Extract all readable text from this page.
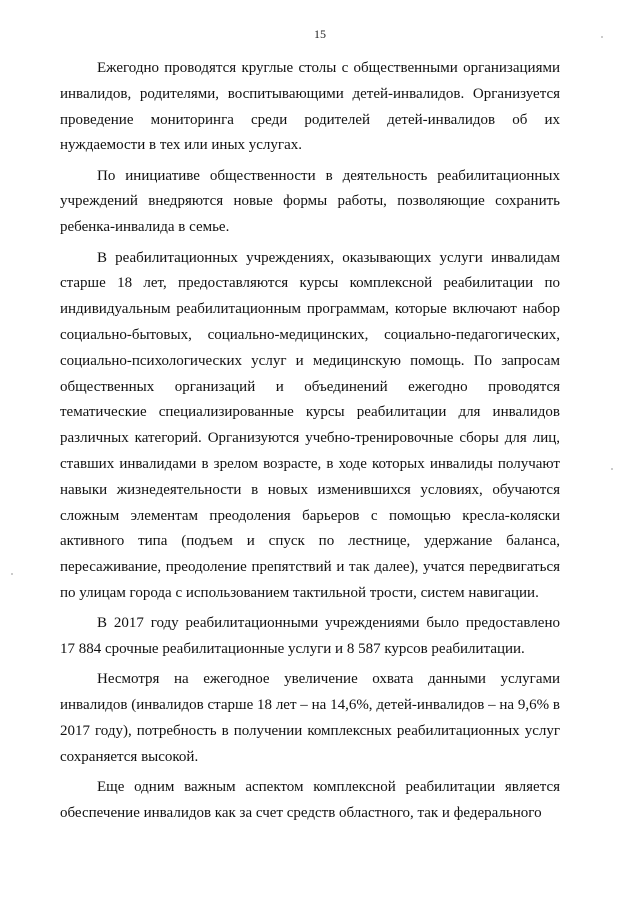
15

Ежегодно проводятся круглые столы с общественными организациями инвалидов, родителями, воспитывающими детей-инвалидов. Организуется проведение мониторинга среди родителей детей-инвалидов об их нуждаемости в тех или иных услугах.

По инициативе общественности в деятельность реабилитационных учреждений внедряются новые формы работы, позволяющие сохранить ребенка-инвалида в семье.

В реабилитационных учреждениях, оказывающих услуги инвалидам старше 18 лет, предоставляются курсы комплексной реабилитации по индивидуальным реабилитационным программам, которые включают набор социально-бытовых, социально-медицинских, социально-педагогических, социально-психологических услуг и медицинскую помощь. По запросам общественных организаций и объединений ежегодно проводятся тематические специализированные курсы реабилитации для инвалидов различных категорий. Организуются учебно-тренировочные сборы для лиц, ставших инвалидами в зрелом возрасте, в ходе которых инвалиды получают навыки жизнедеятельности в новых изменившихся условиях, обучаются сложным элементам преодоления барьеров с помощью кресла-коляски активного типа (подъем и спуск по лестнице, удержание баланса, пересаживание, преодоление препятствий и так далее), учатся передвигаться по улицам города с использованием тактильной трости, систем навигации.

В 2017 году реабилитационными учреждениями было предоставлено 17 884 срочные реабилитационные услуги и 8 587 курсов реабилитации.

Несмотря на ежегодное увеличение охвата данными услугами инвалидов (инвалидов старше 18 лет – на 14,6%, детей-инвалидов – на 9,6% в 2017 году), потребность в получении комплексных реабилитационных услуг сохраняется высокой.

Еще одним важным аспектом комплексной реабилитации является обеспечение инвалидов как за счет средств областного, так и федерального
